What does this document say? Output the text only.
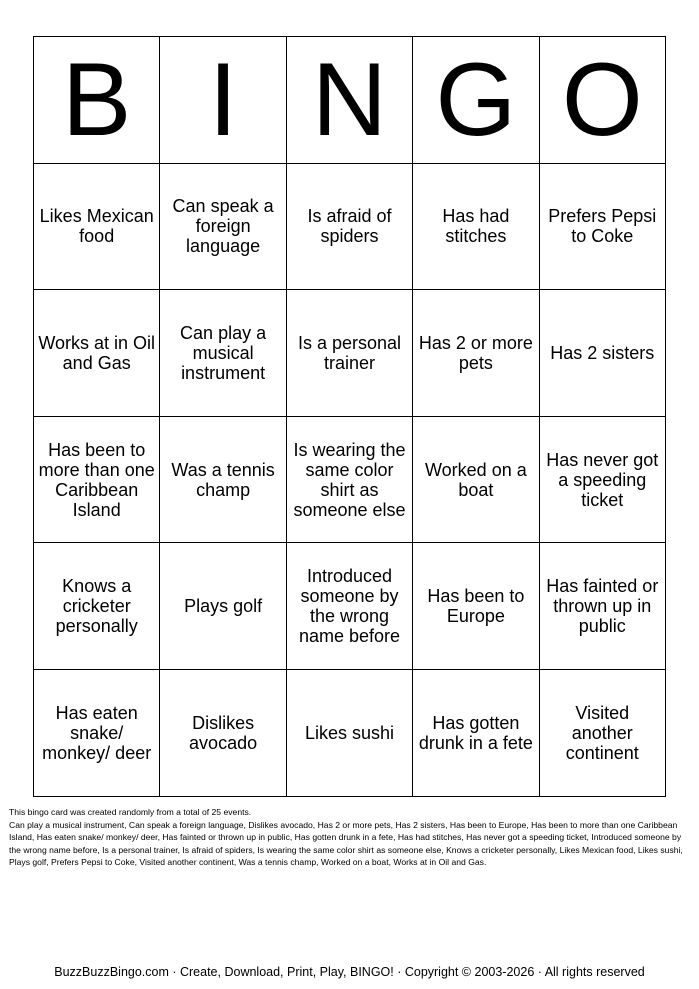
B	I	N	G	O
Likes Mexican food	Can speak a foreign language	Is afraid of spiders	Has had stitches	Prefers Pepsi to Coke
Works at in Oil and Gas	Can play a musical instrument	Is a personal trainer	Has 2 or more pets	Has 2 sisters
Has been to more than one Caribbean Island	Was a tennis champ	Is wearing the same color shirt as someone else	Worked on a boat	Has never got a speeding ticket
Knows a cricketer personally	Plays golf	Introduced someone by the wrong name before	Has been to Europe	Has fainted or thrown up in public
Has eaten snake/ monkey/ deer	Dislikes avocado	Likes sushi	Has gotten drunk in a fete	Visited another continent

This bingo card was created randomly from a total of 25 events.

Can play a musical instrument, Can speak a foreign language, Dislikes avocado, Has 2 or more pets, Has 2 sisters, Has been to Europe, Has been to more than one Caribbean Island, Has eaten snake/ monkey/ deer, Has fainted or thrown up in public, Has gotten drunk in a fete, Has had stitches, Has never got a speeding ticket, Introduced someone by the wrong name before, Is a personal trainer, Is afraid of spiders, Is wearing the same color shirt as someone else, Knows a cricketer personally, Likes Mexican food, Likes sushi, Plays golf, Prefers Pepsi to Coke, Visited another continent, Was a tennis champ, Worked on a boat, Works at in Oil and Gas.

BuzzBuzzBingo.com · Create, Download, Print, Play, BINGO! · Copyright © 2003-2026 · All rights reserved
